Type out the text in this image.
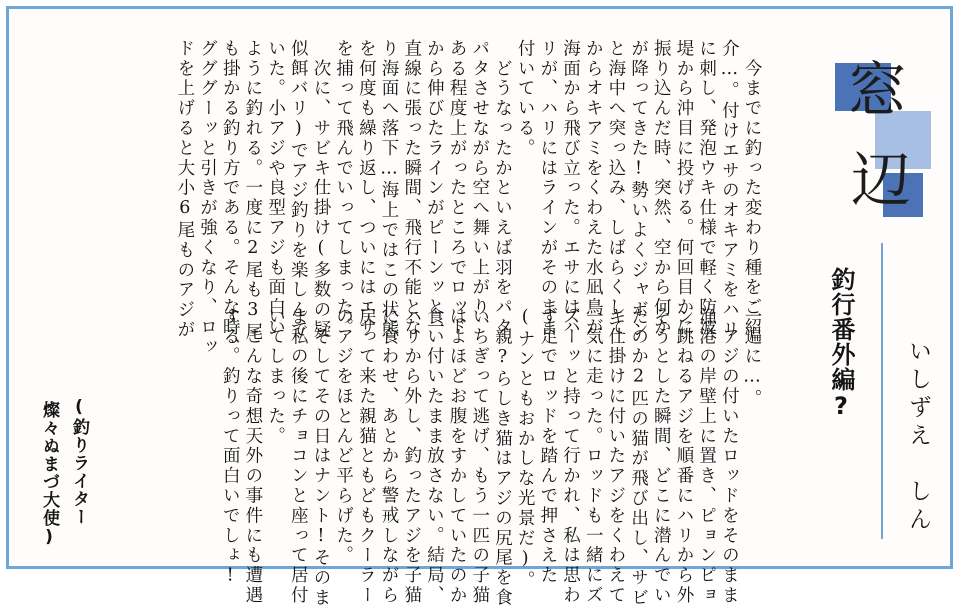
窓
辺
釣行番外編? いしずえ　しん
　今までに釣った変わり種をご紹
介…。付けエサのオキアミをハリ
に刺し、発泡ウキ仕様で軽く防波
堤から沖目に投げる。何回目かに
振り込んだ時、突然、空から何か
が降ってきた!勢いよくジャボン
と海中へ突っ込み、しばらくして
からオキアミをくわえた水凪鳥が
海面から飛び立った。エサにはハ
リが、ハリにはラインがそのまま
付いている。
　どうなったかといえば羽をパタ
パタさせながら空へ舞い上がり、
ある程度上がったところでロッド
から伸びたラインがピーンッと一
直線に張った瞬間、飛行不能とな
り海面へ落下…海上ではこの状態
を何度も繰り返し、ついにはエサ
を捕って飛んでいってしまった。
　次に、サビキ仕掛け(多数の疑
似餌バリ)でアジ釣りを楽しんで
いた。小アジや良型アジも面白い
ように釣れる。一度に2尾も3尾
も掛かる釣り方である。そんな時、
グググーッと引きが強くなり、ロッ
ドを上げると大小6尾ものアジが
一遍に…。
　アジの付いたロッドをそのまま
漁港の岸壁上に置き、ピョンピョ
ン跳ねるアジを順番にハリから外
そうとした瞬間、どこに潜んでい
たのか2匹の猫が飛び出し、サビ
キ仕掛けに付いたアジをくわえて
一気に走った。ロッドも一緒にズ
ズーッと持って行かれ、私は思わ
ず足でロッドを踏んで押さえた
(ナンともおかしな光景だ)。
　親?らしき猫はアジの尻尾を食
いちぎって逃げ、もう一匹の子猫
はよほどお腹をすかしていたのか
食い付いたまま放さない。結局、
ハリから外し、釣ったアジを子猫
に食わせ、あとから警戒しながら
戻って来た親猫ともどもクーラー
のアジをほとんど平らげた。
　そしてその日はナント!そのま
ま私の後にチョコンと座って居付
いてしまった。
　こんな奇想天外の事件にも遭遇
する。釣りって面白いでしょ!
(釣りライター
燦々ぬまづ大使)
